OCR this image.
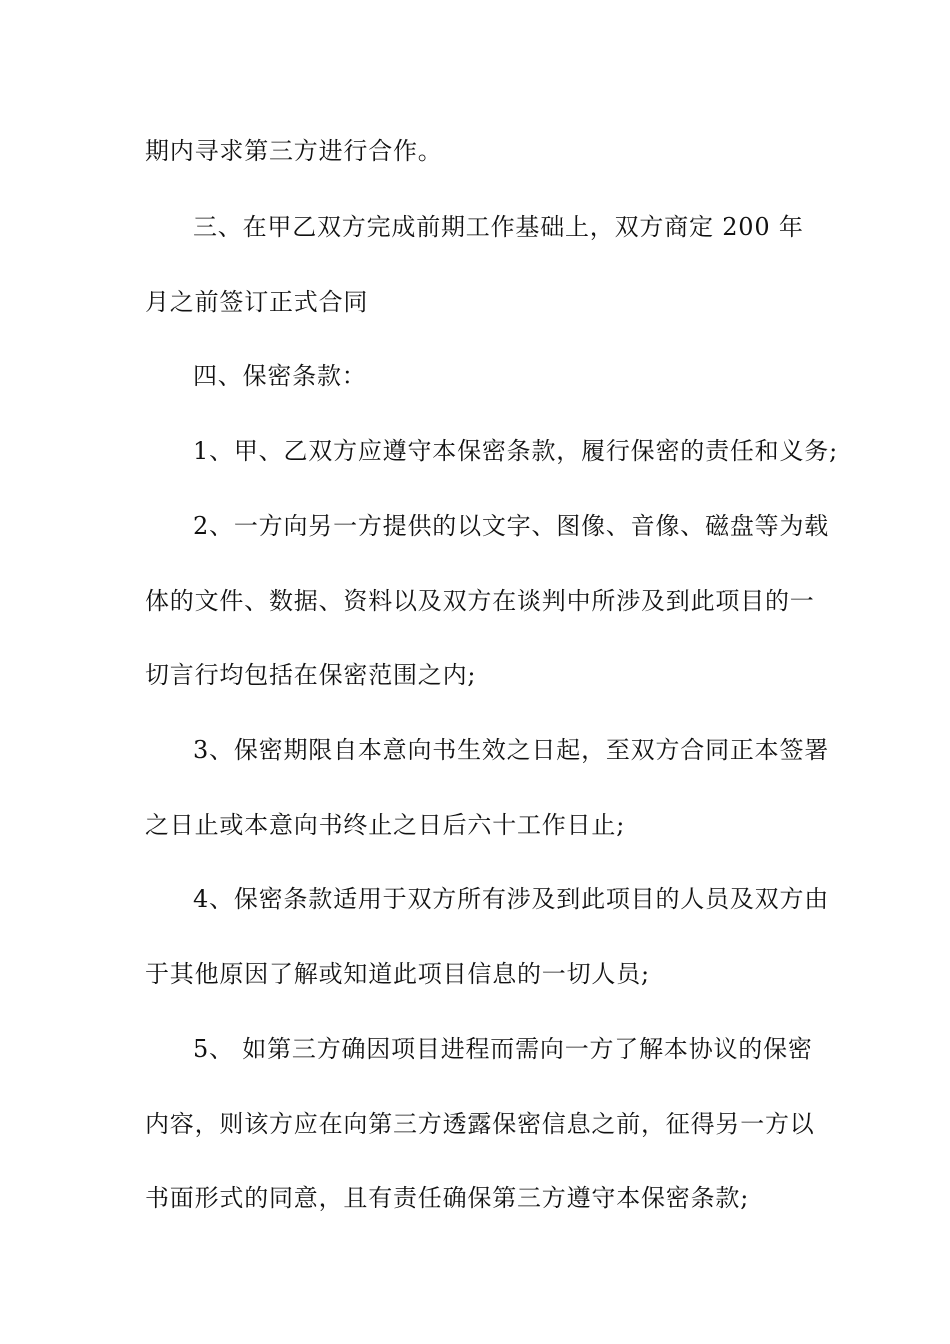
期内寻求第三方进行合作。
三、在甲乙双方完成前期工作基础上，双方商定 200 年
月之前签订正式合同
四、保密条款：
1、甲、乙双方应遵守本保密条款，履行保密的责任和义务;
2、一方向另一方提供的以文字、图像、音像、磁盘等为载
体的文件、数据、资料以及双方在谈判中所涉及到此项目的一
切言行均包括在保密范围之内;
3、保密期限自本意向书生效之日起，至双方合同正本签署
之日止或本意向书终止之日后六十工作日止;
4、保密条款适用于双方所有涉及到此项目的人员及双方由
于其他原因了解或知道此项目信息的一切人员;
5、 如第三方确因项目进程而需向一方了解本协议的保密
内容，则该方应在向第三方透露保密信息之前，征得另一方以
书面形式的同意，且有责任确保第三方遵守本保密条款;
